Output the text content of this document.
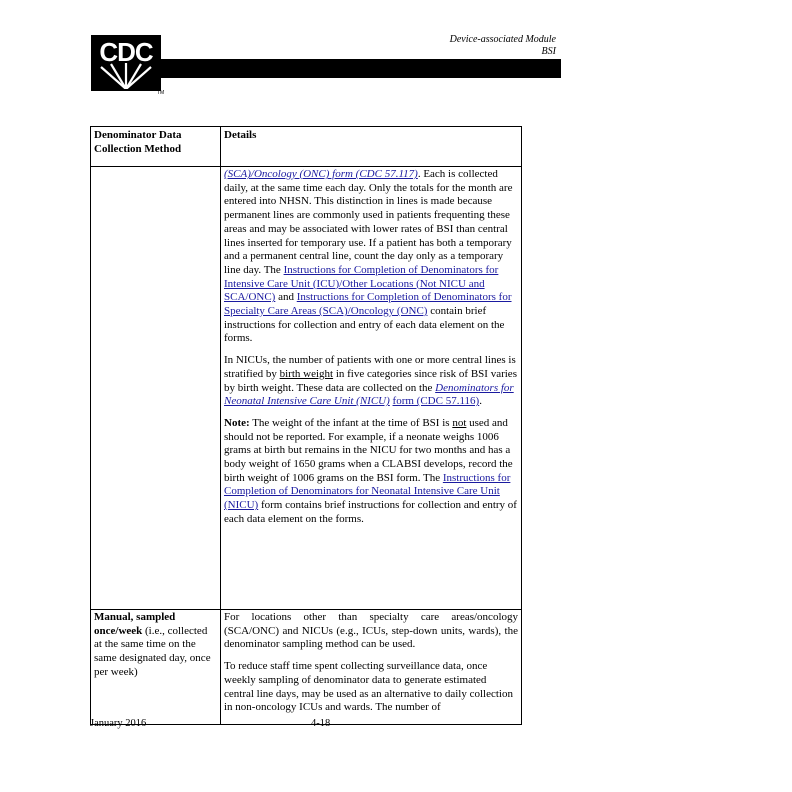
CDC
TM
Device-associated Module
BSI
Denominator Data Collection Method	Details

	(SCA)/Oncology (ONC) form (CDC 57.117). Each is collected daily, at the same time each day. Only the totals for the month are entered into NHSN. This distinction in lines is made because permanent lines are commonly used in patients frequenting these areas and may be associated with lower rates of BSI than central lines inserted for temporary use. If a patient has both a temporary and a permanent central line, count the day only as a temporary line day. The Instructions for Completion of Denominators for Intensive Care Unit (ICU)/Other Locations (Not NICU and SCA/ONC) and Instructions for Completion of Denominators for Specialty Care Areas (SCA)/Oncology (ONC) contain brief instructions for collection and entry of each data element on the forms.

In NICUs, the number of patients with one or more central lines is stratified by birth weight in five categories since risk of BSI varies by birth weight. These data are collected on the Denominators for Neonatal Intensive Care Unit (NICU) form (CDC 57.116).

Note: The weight of the infant at the time of BSI is not used and should not be reported. For example, if a neonate weighs 1006 grams at birth but remains in the NICU for two months and has a body weight of 1650 grams when a CLABSI develops, record the birth weight of 1006 grams on the BSI form. The Instructions for Completion of Denominators for Neonatal Intensive Care Unit (NICU) form contains brief instructions for collection and entry of each data element on the forms.

Manual, sampled once/week (i.e., collected at the same time on the same designated day, once per week)	For locations other than specialty care areas/oncology (SCA/ONC) and NICUs (e.g., ICUs, step-down units, wards), the denominator sampling method can be used.

To reduce staff time spent collecting surveillance data, once weekly sampling of denominator data to generate estimated central line days, may be used as an alternative to daily collection in non-oncology ICUs and wards. The number of

January 2016	4-18
